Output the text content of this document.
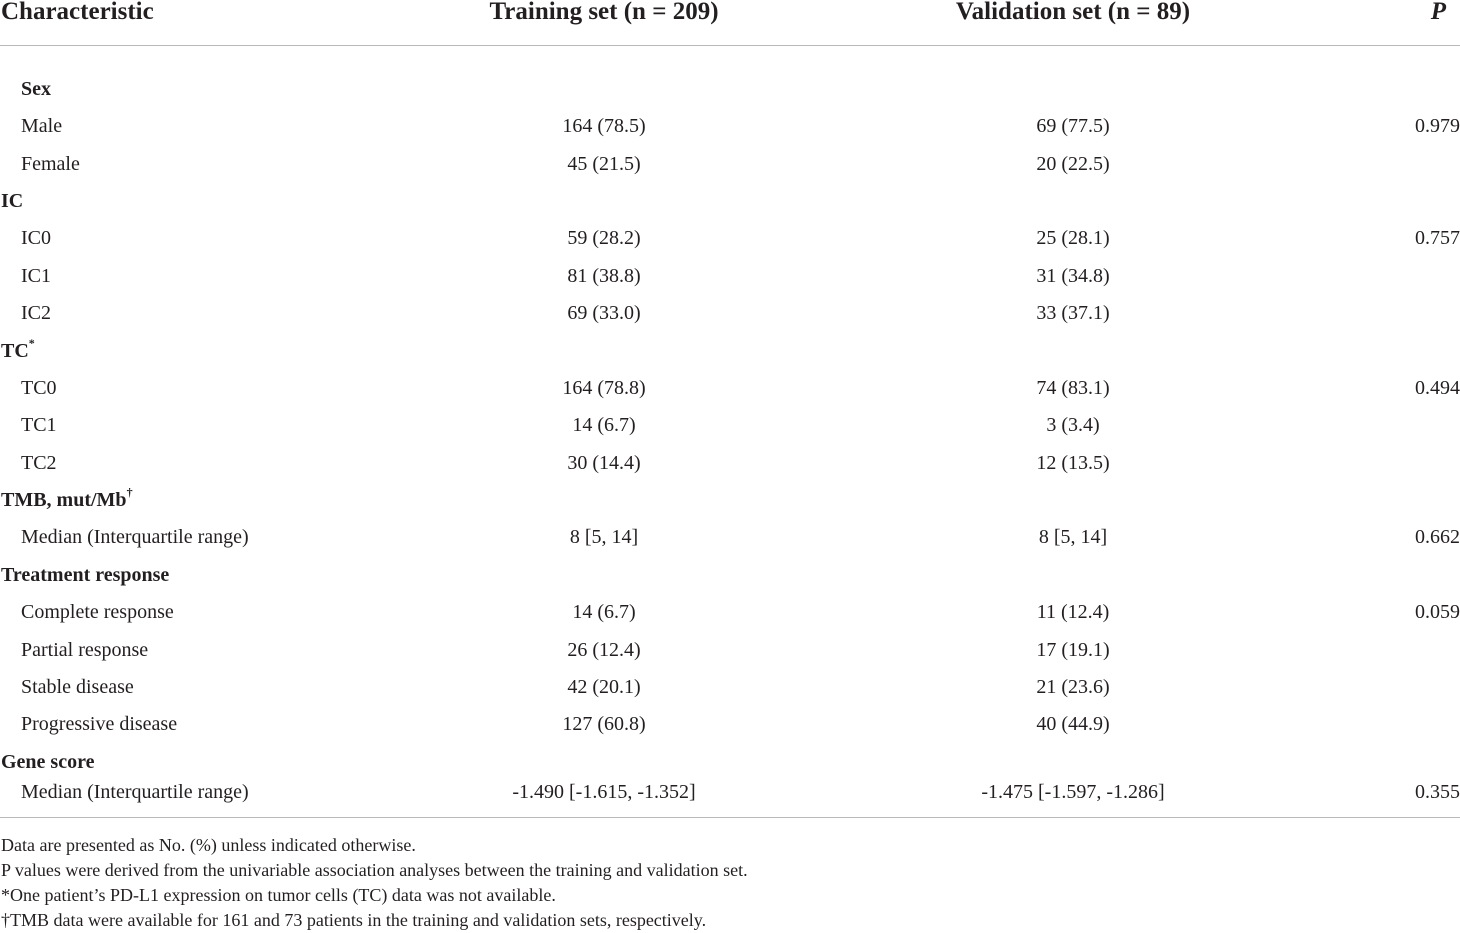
Characteristic	Training set (n = 209)	Validation set (n = 89)	P
Sex			
Male	164 (78.5)	69 (77.5)	0.979
Female	45 (21.5)	20 (22.5)	
IC			
IC0	59 (28.2)	25 (28.1)	0.757
IC1	81 (38.8)	31 (34.8)	
IC2	69 (33.0)	33 (37.1)	
TC*
TC0	164 (78.8)	74 (83.1)	0.494
TC1	14 (6.7)	3 (3.4)	
TC2	30 (14.4)	12 (13.5)	
TMB, mut/Mb†
Median (Interquartile range)	8 [5, 14]	8 [5, 14]	0.662
Treatment response			
Complete response	14 (6.7)	11 (12.4)	0.059
Partial response	26 (12.4)	17 (19.1)	
Stable disease	42 (20.1)	21 (23.6)	
Progressive disease	127 (60.8)	40 (44.9)	
Gene score			
Median (Interquartile range)	-1.490 [-1.615, -1.352]	-1.475 [-1.597, -1.286]	0.355

Data are presented as No. (%) unless indicated otherwise.

P values were derived from the univariable association analyses between the training and validation set.

*One patient’s PD-L1 expression on tumor cells (TC) data was not available.

†TMB data were available for 161 and 73 patients in the training and validation sets, respectively.
